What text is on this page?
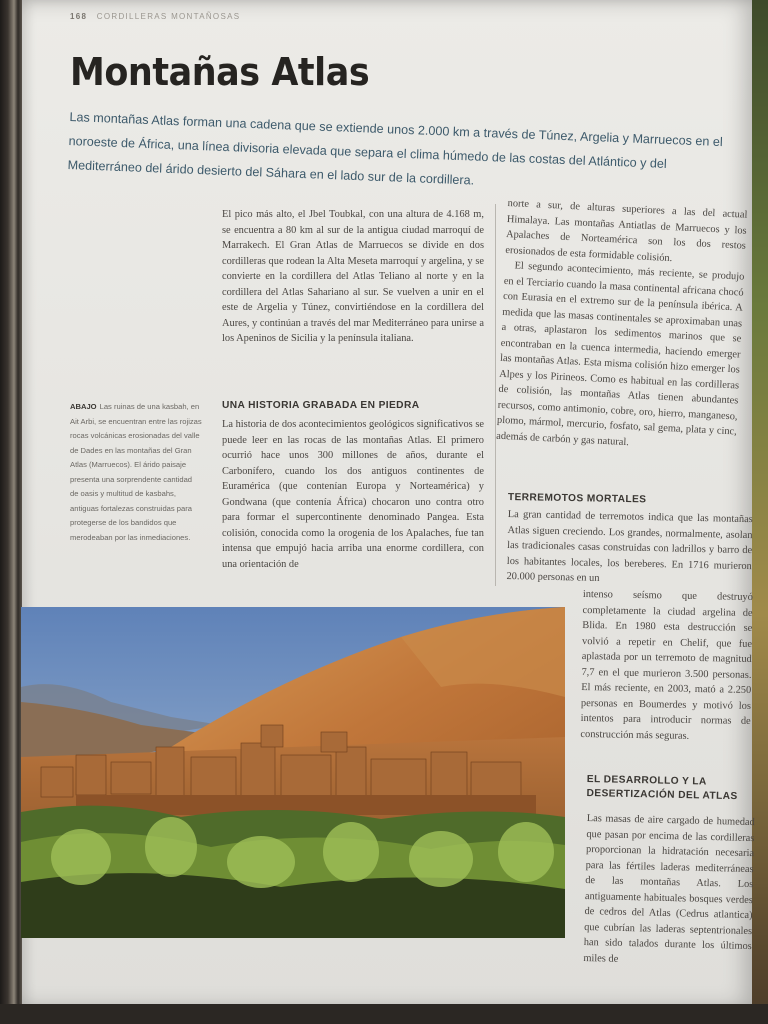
168 CORDILLERAS MONTAÑOSAS
Montañas Atlas

Las montañas Atlas forman una cadena que se extiende unos 2.000 km a través de Túnez, Argelia y Marruecos en el noroeste de África, una línea divisoria elevada que separa el clima húmedo de las costas del Atlántico y del Mediterráneo del árido desierto del Sáhara en el lado sur de la cordillera.

ABAJO Las ruinas de una kasbah, en Ait Arbi, se encuentran entre las rojizas rocas volcánicas erosionadas del valle de Dades en las montañas del Gran Atlas (Marruecos). El árido paisaje presenta una sorprendente cantidad de oasis y multitud de kasbahs, antiguas fortalezas construidas para protegerse de los bandidos que merodeaban por las inmediaciones.

El pico más alto, el Jbel Toubkal, con una altura de 4.168 m, se encuentra a 80 km al sur de la antigua ciudad marroquí de Marrakech. El Gran Atlas de Marruecos se divide en dos cordilleras que rodean la Alta Meseta marroquí y argelina, y se convierte en la cordillera del Atlas Teliano al norte y en la cordillera del Atlas Sahariano al sur. Se vuelven a unir en el este de Argelia y Túnez, convirtiéndose en la cordillera del Aures, y continúan a través del mar Mediterráneo para unirse a los Apeninos de Sicilia y la península italiana.

UNA HISTORIA GRABADA EN PIEDRA

La historia de dos acontecimientos geológicos significativos se puede leer en las rocas de las montañas Atlas. El primero ocurrió hace unos 300 millones de años, durante el Carbonífero, cuando los dos antiguos continentes de Euramérica (que contenían Europa y Norteamérica) y Gondwana (que contenía África) chocaron uno contra otro para formar el supercontinente denominado Pangea. Esta colisión, conocida como la orogenia de los Apalaches, fue tan intensa que empujó hacia arriba una enorme cordillera, con una orientación de

norte a sur, de alturas superiores a las del actual Himalaya. Las montañas Antiatlas de Marruecos y los Apalaches de Norteamérica son los dos restos erosionados de esta formidable colisión.
El segundo acontecimiento, más reciente, se produjo en el Terciario cuando la masa continental africana chocó con Eurasia en el extremo sur de la península ibérica. A medida que las masas continentales se aproximaban unas a otras, aplastaron los sedimentos marinos que se encontraban en la cuenca intermedia, haciendo emerger las montañas Atlas. Esta misma colisión hizo emerger los Alpes y los Pirineos. Como es habitual en las cordilleras de colisión, las montañas Atlas tienen abundantes recursos, como antimonio, cobre, oro, hierro, manganeso, plomo, mármol, mercurio, fosfato, sal gema, plata y cinc, además de carbón y gas natural.
TERREMOTOS MORTALES

La gran cantidad de terremotos indica que las montañas Atlas siguen creciendo. Los grandes, normalmente, asolan las tradicionales casas construidas con ladrillos y barro de los habitantes locales, los bereberes. En 1716 murieron 20.000 personas en un

intenso seísmo que destruyó completamente la ciudad argelina de Blida. En 1980 esta destrucción se volvió a repetir en Chelif, que fue aplastada por un terremoto de magnitud 7,7 en el que murieron 3.500 personas. El más reciente, en 2003, mató a 2.250 personas en Boumerdes y motivó los intentos para introducir normas de construcción más seguras.

EL DESARROLLO Y LA DESERTIZACIÓN DEL ATLAS

Las masas de aire cargado de humedad que pasan por encima de las cordilleras proporcionan la hidratación necesaria para las fértiles laderas mediterráneas de las montañas Atlas. Los antiguamente habituales bosques verdes de cedros del Atlas (Cedrus atlantica) que cubrían las laderas septentrionales han sido talados durante los últimos miles de
